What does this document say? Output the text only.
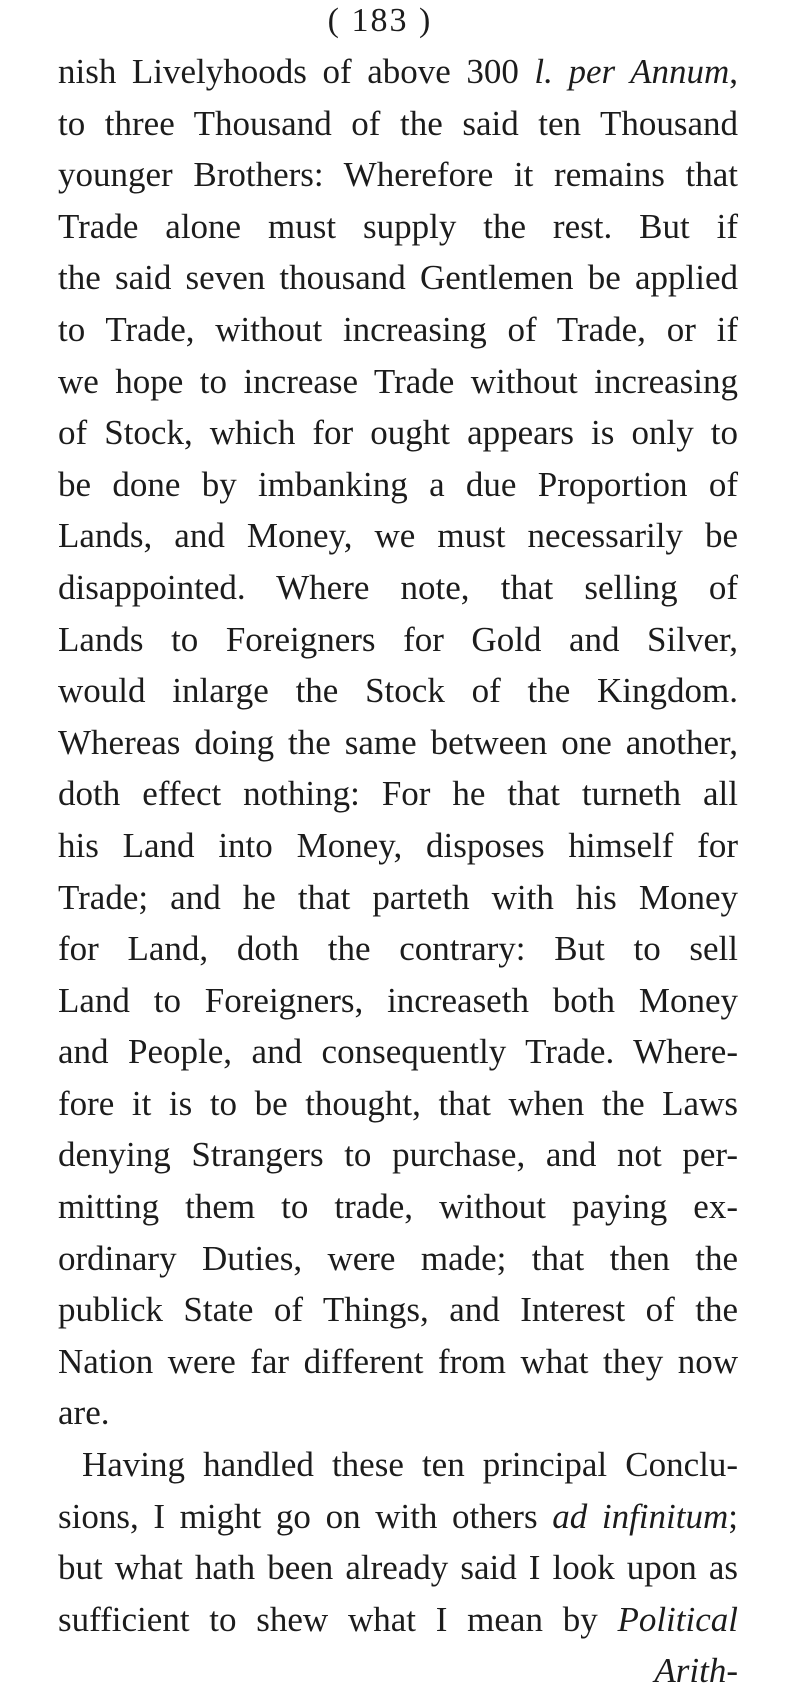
( 183 )
nish Livelyhoods of above 300 l. per Annum,
to three Thousand of the said ten Thousand
younger Brothers: Wherefore it remains that
Trade alone must supply the rest. But if
the said seven thousand Gentlemen be applied
to Trade, without increasing of Trade, or if
we hope to increase Trade without increasing
of Stock, which for ought appears is only to
be done by imbanking a due Proportion of
Lands, and Money, we must necessarily be
disappointed. Where note, that selling of
Lands to Foreigners for Gold and Silver,
would inlarge the Stock of the Kingdom.
Whereas doing the same between one another,
doth effect nothing: For he that turneth all
his Land into Money, disposes himself for
Trade; and he that parteth with his Money
for Land, doth the contrary: But to sell
Land to Foreigners, increaseth both Money
and People, and consequently Trade. Where-
fore it is to be thought, that when the Laws
denying Strangers to purchase, and not per-
mitting them to trade, without paying ex-
ordinary Duties, were made; that then the
publick State of Things, and Interest of the
Nation were far different from what they now
are.
Having handled these ten principal Conclu-
sions, I might go on with others ad infinitum;
but what hath been already said I look upon as
sufficient to shew what I mean by Political
Arith-
